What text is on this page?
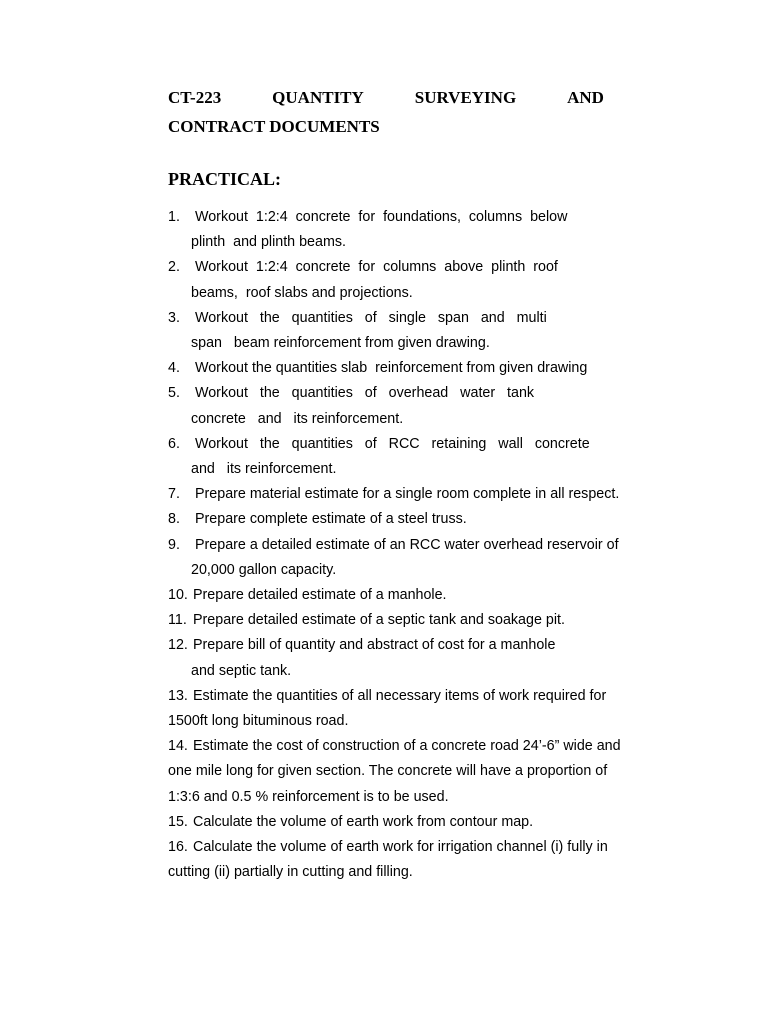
CT-223	QUANTITY	SURVEYING	AND
CONTRACT DOCUMENTS
PRACTICAL:
1. Workout  1:2:4  concrete  for  foundations,  columns  below
plinth  and plinth beams.
2. Workout  1:2:4  concrete  for  columns  above  plinth  roof
beams,  roof slabs and projections.
3. Workout   the   quantities   of   single   span   and   multi
span   beam reinforcement from given drawing.
4. Workout the quantities slab  reinforcement from given drawing
5. Workout   the   quantities   of   overhead   water   tank
concrete   and   its reinforcement.
6. Workout   the   quantities   of   RCC   retaining   wall   concrete
and   its reinforcement.
7. Prepare material estimate for a single room complete in all respect.
8. Prepare complete estimate of a steel truss.
9. Prepare a detailed estimate of an RCC water overhead reservoir of
20,000 gallon capacity.
10. Prepare detailed estimate of a manhole.
11. Prepare detailed estimate of a septic tank and soakage pit.
12. Prepare bill of quantity and abstract of cost for a manhole
and septic tank.
13. Estimate the quantities of all necessary items of work required for
1500ft long bituminous road.
14. Estimate the cost of construction of a concrete road 24’-6” wide and
one mile long for given section. The concrete will have a proportion of
1:3:6 and 0.5 % reinforcement is to be used.
15. Calculate the volume of earth work from contour map.
16. Calculate the volume of earth work for irrigation channel (i) fully in
cutting (ii) partially in cutting and filling.
